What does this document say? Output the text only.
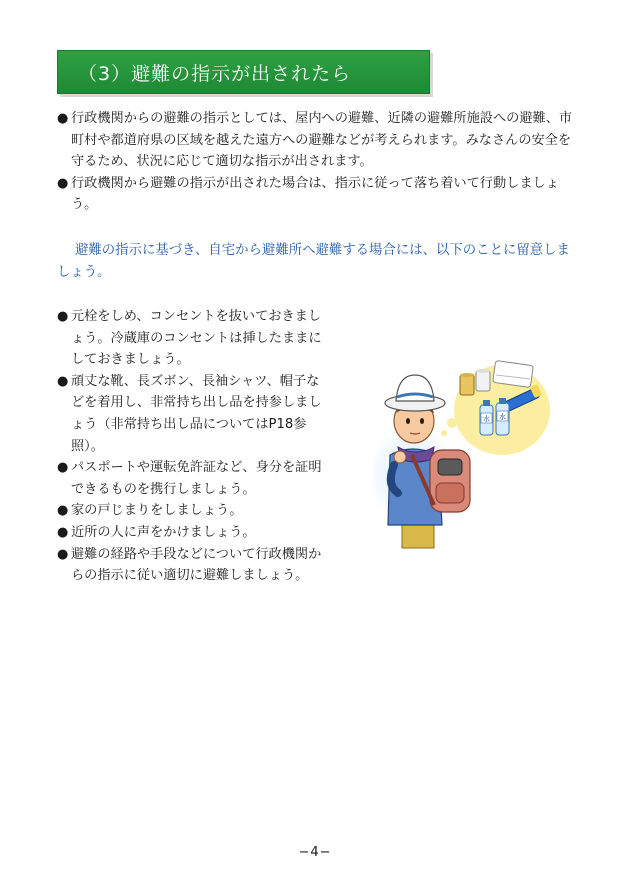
（3）避難の指示が出されたら
● 行政機関からの避難の指示としては、屋内への避難、近隣の避難所施設への避難、市町村や都道府県の区域を越えた遠方への避難などが考えられます。みなさんの安全を守るため、状況に応じて適切な指示が出されます。
● 行政機関から避難の指示が出された場合は、指示に従って落ち着いて行動しましょう。

避難の指示に基づき、自宅から避難所へ避難する場合には、以下のことに留意しましょう。

● 元栓をしめ、コンセントを抜いておきましょう。冷蔵庫のコンセントは挿したままにしておきましょう。
● 頑丈な靴、長ズボン、長袖シャツ、帽子などを着用し、非常持ち出し品を持参しましょう（非常持ち出し品についてはP18参照）。
● パスポートや運転免許証など、身分を証明できるものを携行しましょう。
● 家の戸じまりをしましょう。
● 近所の人に声をかけましょう。
● 避難の経路や手段などについて行政機関からの指示に従い適切に避難しましょう。
水 水
−4−
